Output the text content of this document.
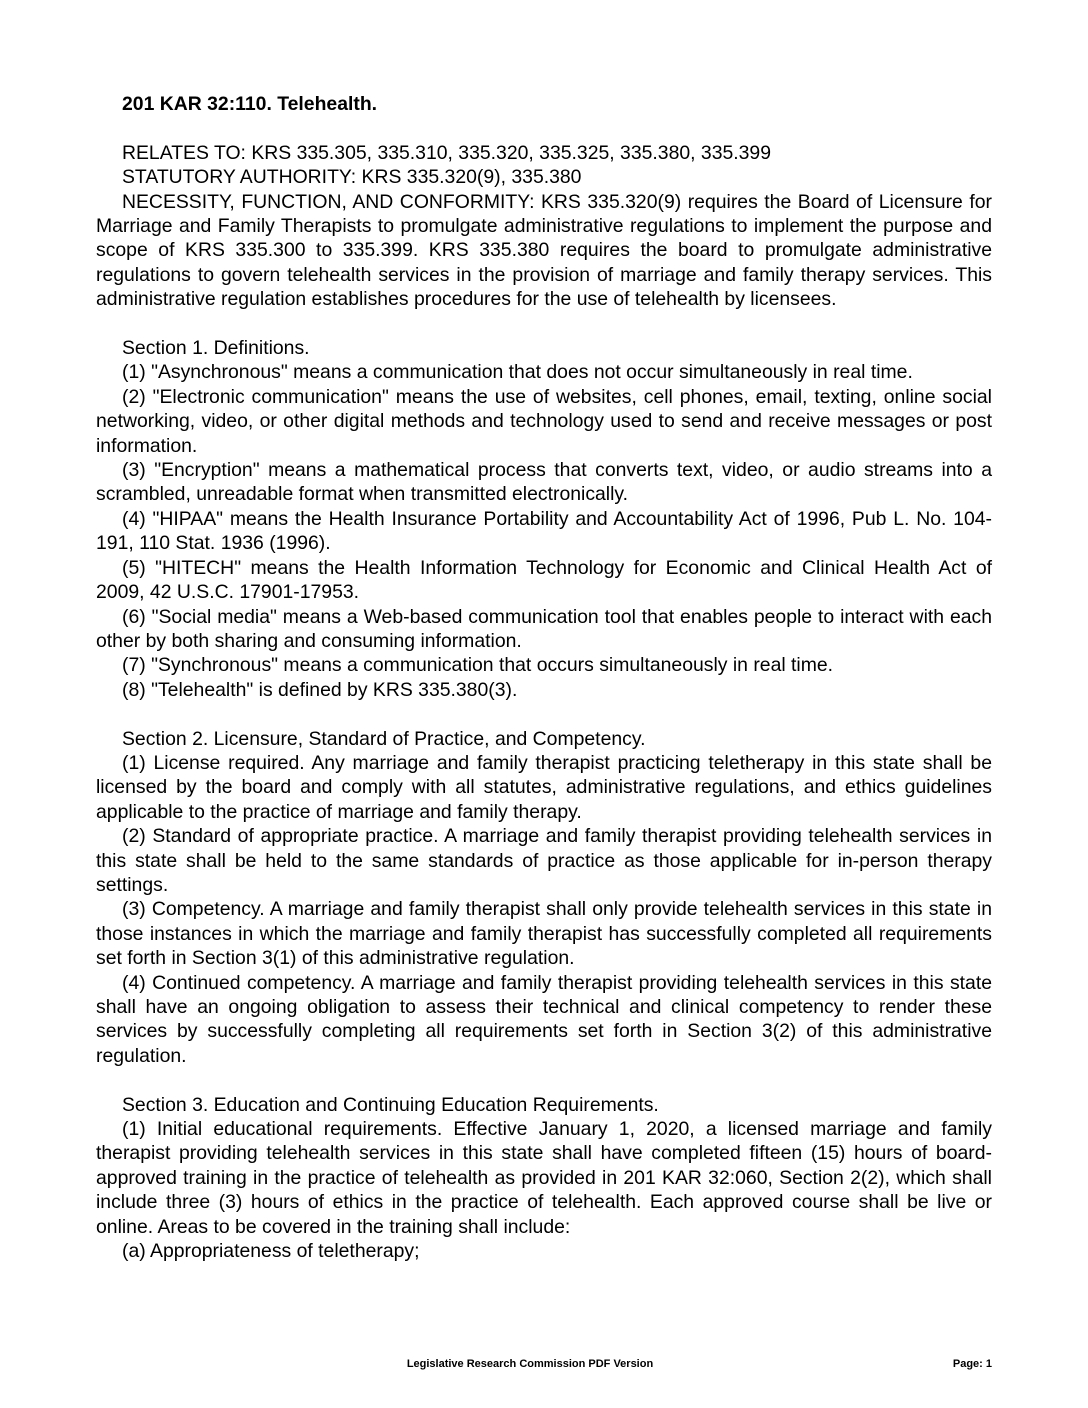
201 KAR 32:110. Telehealth.

RELATES TO: KRS 335.305, 335.310, 335.320, 335.325, 335.380, 335.399

STATUTORY AUTHORITY: KRS 335.320(9), 335.380

NECESSITY, FUNCTION, AND CONFORMITY: KRS 335.320(9) requires the Board of Licensure for Marriage and Family Therapists to promulgate administrative regulations to implement the purpose and scope of KRS 335.300 to 335.399. KRS 335.380 requires the board to promulgate administrative regulations to govern telehealth services in the provision of marriage and family therapy services. This administrative regulation establishes procedures for the use of telehealth by licensees.

Section 1. Definitions.

(1) "Asynchronous" means a communication that does not occur simultaneously in real time.

(2) "Electronic communication" means the use of websites, cell phones, email, texting, online social networking, video, or other digital methods and technology used to send and receive messages or post information.

(3) "Encryption" means a mathematical process that converts text, video, or audio streams into a scrambled, unreadable format when transmitted electronically.

(4) "HIPAA" means the Health Insurance Portability and Accountability Act of 1996, Pub L. No. 104-191, 110 Stat. 1936 (1996).

(5) "HITECH" means the Health Information Technology for Economic and Clinical Health Act of 2009, 42 U.S.C. 17901-17953.

(6) "Social media" means a Web-based communication tool that enables people to interact with each other by both sharing and consuming information.

(7) "Synchronous" means a communication that occurs simultaneously in real time.

(8) "Telehealth" is defined by KRS 335.380(3).

Section 2. Licensure, Standard of Practice, and Competency.

(1) License required. Any marriage and family therapist practicing teletherapy in this state shall be licensed by the board and comply with all statutes, administrative regulations, and ethics guidelines applicable to the practice of marriage and family therapy.

(2) Standard of appropriate practice. A marriage and family therapist providing telehealth services in this state shall be held to the same standards of practice as those applicable for in-person therapy settings.

(3) Competency. A marriage and family therapist shall only provide telehealth services in this state in those instances in which the marriage and family therapist has successfully completed all requirements set forth in Section 3(1) of this administrative regulation.

(4) Continued competency. A marriage and family therapist providing telehealth services in this state shall have an ongoing obligation to assess their technical and clinical competency to render these services by successfully completing all requirements set forth in Section 3(2) of this administrative regulation.

Section 3. Education and Continuing Education Requirements.

(1) Initial educational requirements. Effective January 1, 2020, a licensed marriage and family therapist providing telehealth services in this state shall have completed fifteen (15) hours of board-approved training in the practice of telehealth as provided in 201 KAR 32:060, Section 2(2), which shall include three (3) hours of ethics in the practice of telehealth. Each approved course shall be live or online. Areas to be covered in the training shall include:

(a) Appropriateness of teletherapy;

Legislative Research Commission PDF Version	Page: 1
